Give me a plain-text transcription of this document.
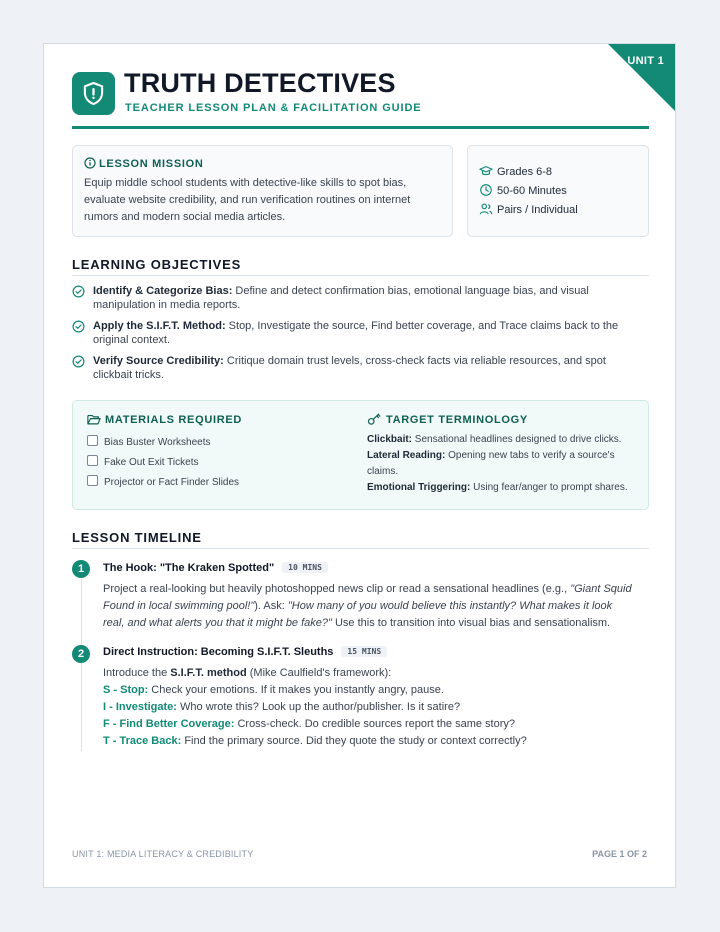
UNIT 1
TRUTH DETECTIVES
TEACHER LESSON PLAN & FACILITATION GUIDE
LESSON MISSION
Equip middle school students with detective-like skills to spot bias, evaluate website credibility, and run verification routines on internet rumors and modern social media articles.
Grades 6-8
50-60 Minutes
Pairs / Individual
LEARNING OBJECTIVES
Identify & Categorize Bias: Define and detect confirmation bias, emotional language bias, and visual manipulation in media reports.
Apply the S.I.F.T. Method: Stop, Investigate the source, Find better coverage, and Trace claims back to the original context.
Verify Source Credibility: Critique domain trust levels, cross-check facts via reliable resources, and spot clickbait tricks.
MATERIALS REQUIRED
Bias Buster Worksheets
Fake Out Exit Tickets
Projector or Fact Finder Slides
TARGET TERMINOLOGY
Clickbait: Sensational headlines designed to drive clicks.
Lateral Reading: Opening new tabs to verify a source's claims.
Emotional Triggering: Using fear/anger to prompt shares.
LESSON TIMELINE
1	The Hook: "The Kraken Spotted" 10 MINS
Project a real-looking but heavily photoshopped news clip or read a sensational headlines (e.g., "Giant Squid Found in local swimming pool!"). Ask: "How many of you would believe this instantly? What makes it look real, and what alerts you that it might be fake?" Use this to transition into visual bias and sensationalism.
2	Direct Instruction: Becoming S.I.F.T. Sleuths 15 MINS
Introduce the S.I.F.T. method (Mike Caulfield's framework):
S - Stop: Check your emotions. If it makes you instantly angry, pause.
I - Investigate: Who wrote this? Look up the author/publisher. Is it satire?
F - Find Better Coverage: Cross-check. Do credible sources report the same story?
T - Trace Back: Find the primary source. Did they quote the study or context correctly?
UNIT 1: MEDIA LITERACY & CREDIBILITY	PAGE 1 OF 2
